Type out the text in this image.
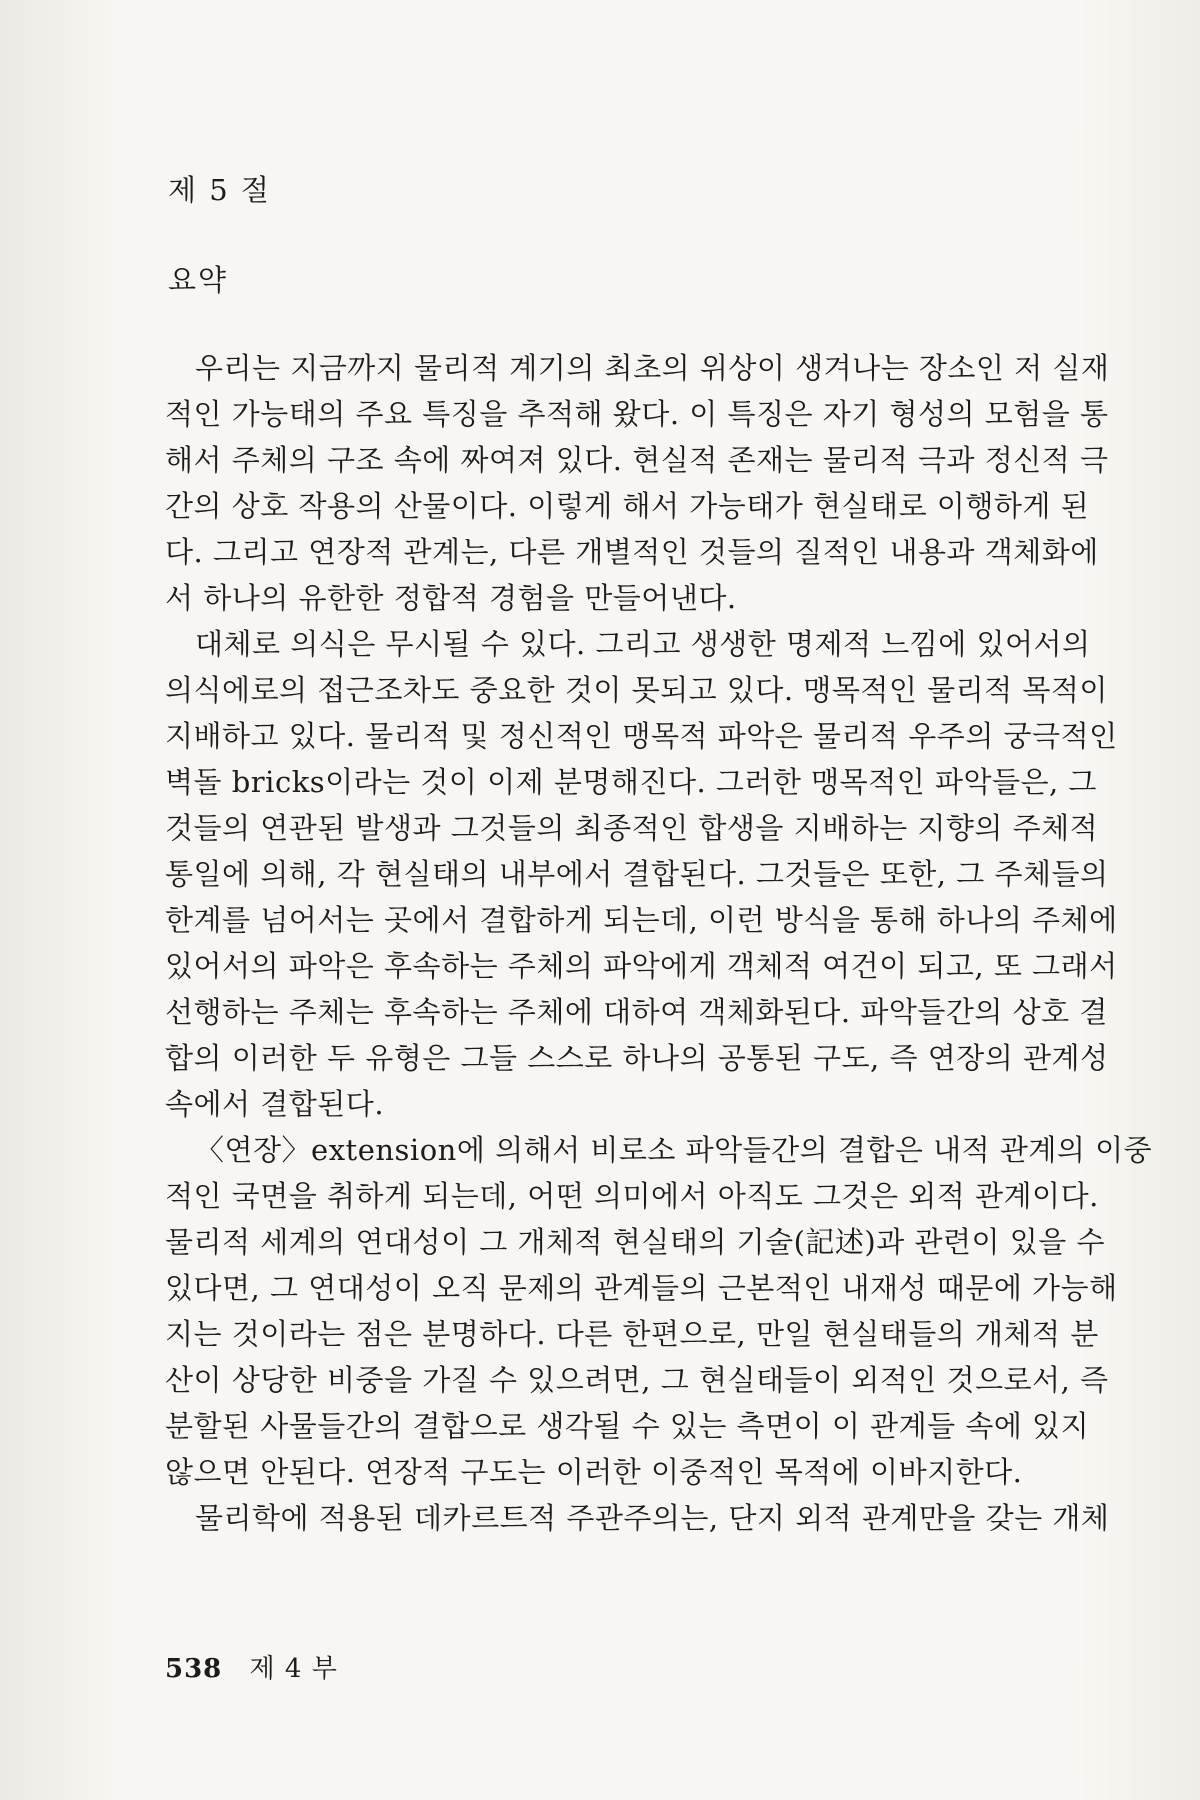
제 5 절
요약
우리는 지금까지 물리적 계기의 최초의 위상이 생겨나는 장소인 저 실재
적인 가능태의 주요 특징을 추적해 왔다. 이 특징은 자기 형성의 모험을 통
해서 주체의 구조 속에 짜여져 있다. 현실적 존재는 물리적 극과 정신적 극
간의 상호 작용의 산물이다. 이렇게 해서 가능태가 현실태로 이행하게 된
다. 그리고 연장적 관계는, 다른 개별적인 것들의 질적인 내용과 객체화에
서 하나의 유한한 정합적 경험을 만들어낸다.
대체로 의식은 무시될 수 있다. 그리고 생생한 명제적 느낌에 있어서의
의식에로의 접근조차도 중요한 것이 못되고 있다. 맹목적인 물리적 목적이
지배하고 있다. 물리적 및 정신적인 맹목적 파악은 물리적 우주의 궁극적인
벽돌 bricks이라는 것이 이제 분명해진다. 그러한 맹목적인 파악들은, 그
것들의 연관된 발생과 그것들의 최종적인 합생을 지배하는 지향의 주체적
통일에 의해, 각 현실태의 내부에서 결합된다. 그것들은 또한, 그 주체들의
한계를 넘어서는 곳에서 결합하게 되는데, 이런 방식을 통해 하나의 주체에
있어서의 파악은 후속하는 주체의 파악에게 객체적 여건이 되고, 또 그래서
선행하는 주체는 후속하는 주체에 대하여 객체화된다. 파악들간의 상호 결
합의 이러한 두 유형은 그들 스스로 하나의 공통된 구도, 즉 연장의 관계성
속에서 결합된다.
〈연장〉extension에 의해서 비로소 파악들간의 결합은 내적 관계의 이중
적인 국면을 취하게 되는데, 어떤 의미에서 아직도 그것은 외적 관계이다.
물리적 세계의 연대성이 그 개체적 현실태의 기술(記述)과 관련이 있을 수
있다면, 그 연대성이 오직 문제의 관계들의 근본적인 내재성 때문에 가능해
지는 것이라는 점은 분명하다. 다른 한편으로, 만일 현실태들의 개체적 분
산이 상당한 비중을 가질 수 있으려면, 그 현실태들이 외적인 것으로서, 즉
분할된 사물들간의 결합으로 생각될 수 있는 측면이 이 관계들 속에 있지
않으면 안된다. 연장적 구도는 이러한 이중적인 목적에 이바지한다.
물리학에 적용된 데카르트적 주관주의는, 단지 외적 관계만을 갖는 개체
538 제 4 부
